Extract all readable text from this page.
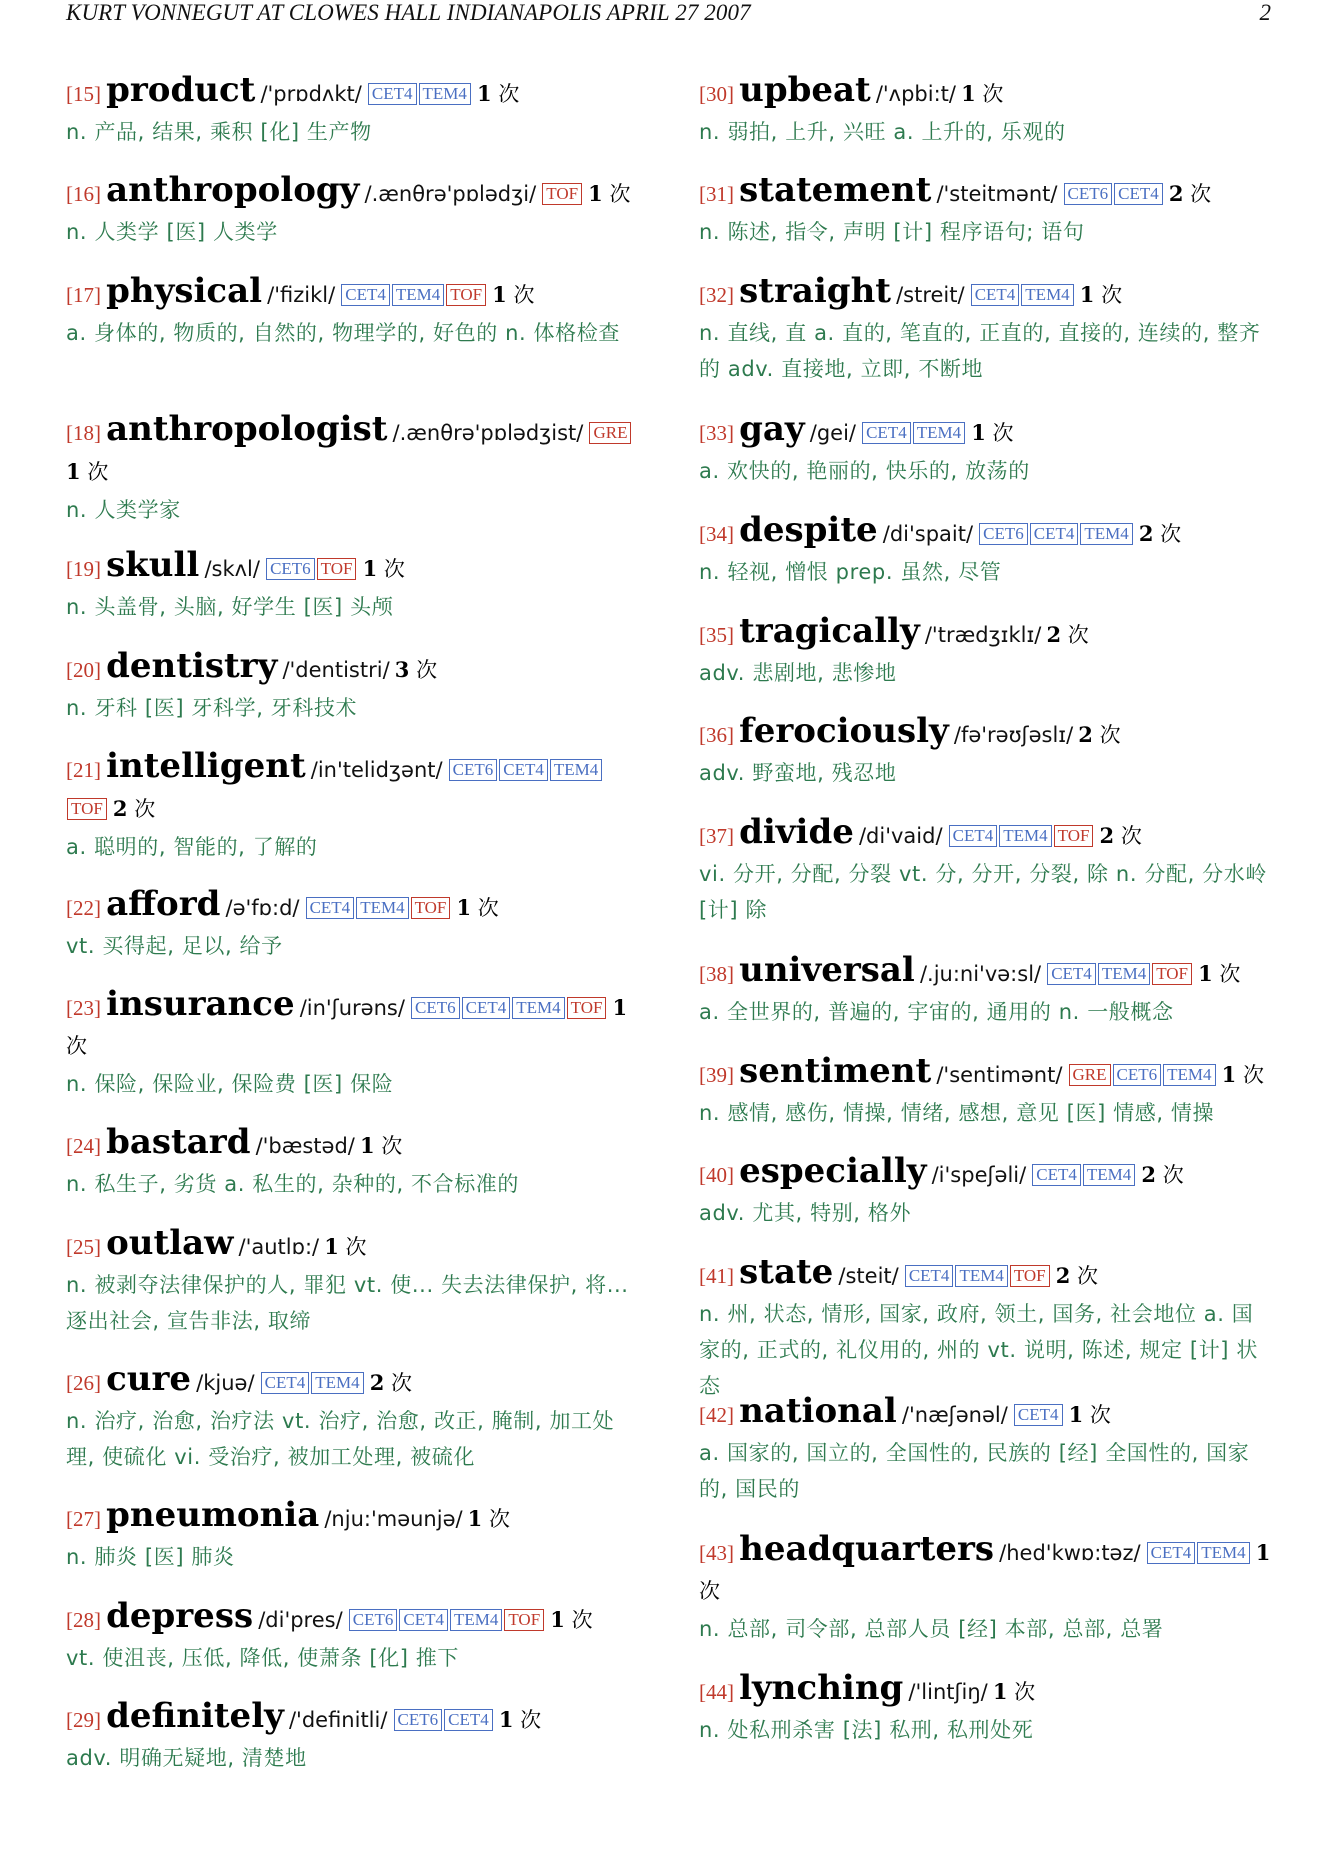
KURT VONNEGUT AT CLOWES HALL INDIANAPOLIS APRIL 27 2007	2
[15] product /'prɒdʌkt/ CET4 TEM4 1 次
n. 产品, 结果, 乘积 [化] 生产物
[16] anthropology /.ænθrə'pɒlədʒi/ TOF 1 次
n. 人类学 [医] 人类学
[17] physical /'fizikl/ CET4 TEM4 TOF 1 次
a. 身体的, 物质的, 自然的, 物理学的, 好色的 n. 体格检查
[18] anthropologist /.ænθrə'pɒlədʒist/ GRE 1 次
n. 人类学家
[19] skull /skʌl/ CET6 TOF 1 次
n. 头盖骨, 头脑, 好学生 [医] 头颅
[20] dentistry /'dentistri/ 3 次
n. 牙科 [医] 牙科学, 牙科技术
[21] intelligent /in'telidʒənt/ CET6 CET4 TEM4TOF 2 次
a. 聪明的, 智能的, 了解的
[22] afford /ə'fɒ:d/ CET4 TEM4 TOF 1 次
vt. 买得起, 足以, 给予
[23] insurance /in'ʃurəns/ CET6 CET4 TEM4 TOF 1 次
n. 保险, 保险业, 保险费 [医] 保险
[24] bastard /'bæstəd/ 1 次
n. 私生子, 劣货 a. 私生的, 杂种的, 不合标准的
[25] outlaw /'autlɒ:/ 1 次
n. 被剥夺法律保护的人, 罪犯 vt. 使... 失去法律保护, 将... 逐出社会, 宣告非法, 取缔
[26] cure /kjuə/ CET4 TEM4 2 次
n. 治疗, 治愈, 治疗法 vt. 治疗, 治愈, 改正, 腌制, 加工处理, 使硫化 vi. 受治疗, 被加工处理, 被硫化
[27] pneumonia /nju:'məunjə/ 1 次
n. 肺炎 [医] 肺炎
[28] depress /di'pres/ CET6 CET4 TEM4 TOF 1 次
vt. 使沮丧, 压低, 降低, 使萧条 [化] 推下
[29] definitely /'definitli/ CET6 CET4 1 次
adv. 明确无疑地, 清楚地
[30] upbeat /'ʌpbi:t/ 1 次
n. 弱拍, 上升, 兴旺 a. 上升的, 乐观的
[31] statement /'steitmənt/ CET6 CET4 2 次
n. 陈述, 指令, 声明 [计] 程序语句; 语句
[32] straight /streit/ CET4 TEM4 1 次
n. 直线, 直 a. 直的, 笔直的, 正直的, 直接的, 连续的, 整齐的 adv. 直接地, 立即, 不断地
[33] gay /gei/ CET4 TEM4 1 次
a. 欢快的, 艳丽的, 快乐的, 放荡的
[34] despite /di'spait/ CET6 CET4 TEM4 2 次
n. 轻视, 憎恨 prep. 虽然, 尽管
[35] tragically /'trædʒɪklɪ/ 2 次
adv. 悲剧地, 悲惨地
[36] ferociously /fə'rəʊʃəslɪ/ 2 次
adv. 野蛮地, 残忍地
[37] divide /di'vaid/ CET4 TEM4 TOF 2 次
vi. 分开, 分配, 分裂 vt. 分, 分开, 分裂, 除 n. 分配, 分水岭 [计] 除
[38] universal /.ju:ni'və:sl/ CET4 TEM4 TOF 1 次
a. 全世界的, 普遍的, 宇宙的, 通用的 n. 一般概念
[39] sentiment /'sentimənt/ GRE CET6 TEM4 1 次
n. 感情, 感伤, 情操, 情绪, 感想, 意见 [医] 情感, 情操
[40] especially /i'speʃəli/ CET4 TEM4 2 次
adv. 尤其, 特别, 格外
[41] state /steit/ CET4 TEM4 TOF 2 次
n. 州, 状态, 情形, 国家, 政府, 领土, 国务, 社会地位 a. 国家的, 正式的, 礼仪用的, 州的 vt. 说明, 陈述, 规定 [计] 状态
[42] national /'næʃənəl/ CET4 1 次
a. 国家的, 国立的, 全国性的, 民族的 [经] 全国性的, 国家的, 国民的
[43] headquarters /hed'kwɒ:təz/ CET4 TEM4 1 次
n. 总部, 司令部, 总部人员 [经] 本部, 总部, 总署
[44] lynching /'lintʃiŋ/ 1 次
n. 处私刑杀害 [法] 私刑, 私刑处死
